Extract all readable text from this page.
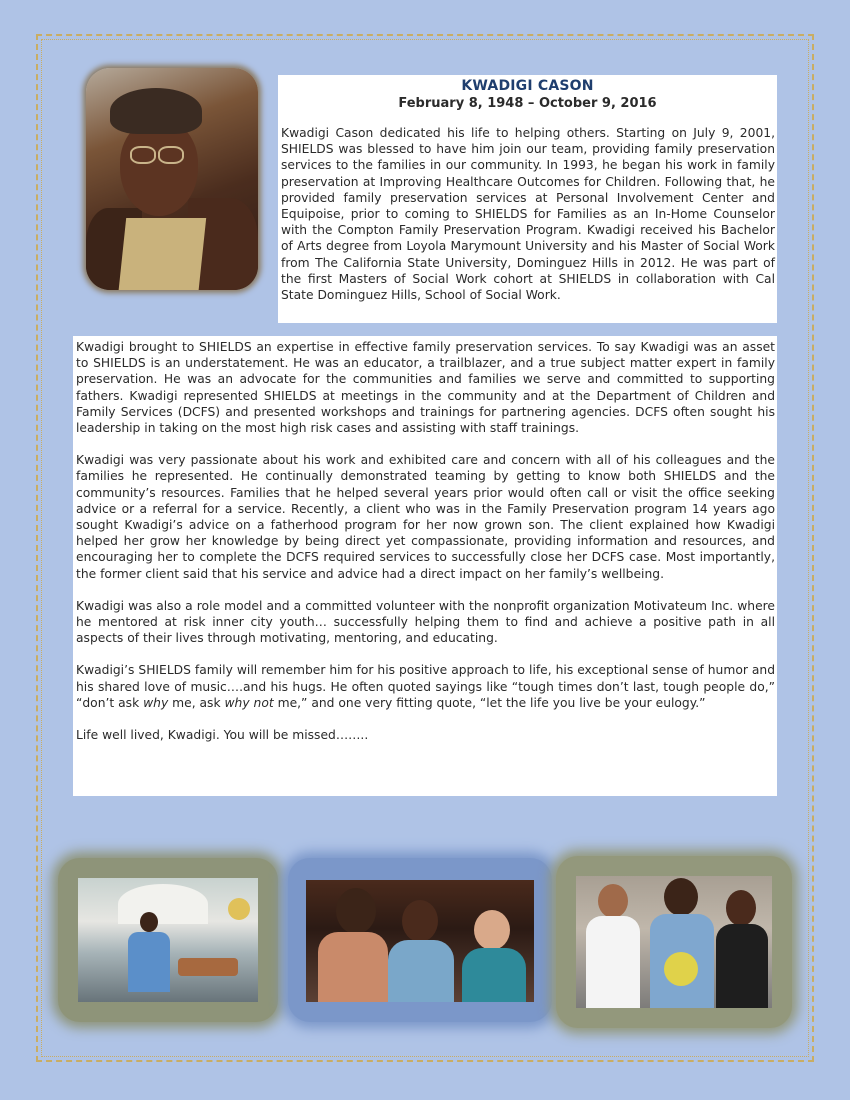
KWADIGI CASON
February 8, 1948 – October 9, 2016
Kwadigi Cason dedicated his life to helping others. Starting on July 9, 2001, SHIELDS was blessed to have him join our team, providing family preservation services to the families in our community. In 1993, he began his work in family preservation at Improving Healthcare Outcomes for Children. Following that, he provided family preservation services at Personal Involvement Center and Equipoise, prior to coming to SHIELDS for Families as an In-Home Counselor with the Compton Family Preservation Program. Kwadigi received his Bachelor of Arts degree from Loyola Marymount University and his Master of Social Work from The California State University, Dominguez Hills in 2012. He was part of the first Masters of Social Work cohort at SHIELDS in collaboration with Cal State Dominguez Hills, School of Social Work.

Kwadigi brought to SHIELDS an expertise in effective family preservation services. To say Kwadigi was an asset to SHIELDS is an understatement. He was an educator, a trailblazer, and a true subject matter expert in family preservation. He was an advocate for the communities and families we serve and committed to supporting fathers. Kwadigi represented SHIELDS at meetings in the community and at the Department of Children and Family Services (DCFS) and presented workshops and trainings for partnering agencies. DCFS often sought his leadership in taking on the most high risk cases and assisting with staff trainings.

Kwadigi was very passionate about his work and exhibited care and concern with all of his colleagues and the families he represented. He continually demonstrated teaming by getting to know both SHIELDS and the community’s resources. Families that he helped several years prior would often call or visit the office seeking advice or a referral for a service. Recently, a client who was in the Family Preservation program 14 years ago sought Kwadigi’s advice on a fatherhood program for her now grown son. The client explained how Kwadigi helped her grow her knowledge by being direct yet compassionate, providing information and resources, and encouraging her to complete the DCFS required services to successfully close her DCFS case. Most importantly, the former client said that his service and advice had a direct impact on her family’s wellbeing.

Kwadigi was also a role model and a committed volunteer with the nonprofit organization Motivateum Inc. where he mentored at risk inner city youth… successfully helping them to find and achieve a positive path in all aspects of their lives through motivating, mentoring, and educating.

Kwadigi’s SHIELDS family will remember him for his positive approach to life, his exceptional sense of humor and his shared love of music….and his hugs. He often quoted sayings like “tough times don’t last, tough people do,” “don’t ask why me, ask why not me,” and one very fitting quote, “let the life you live be your eulogy.”

Life well lived, Kwadigi. You will be missed……..
